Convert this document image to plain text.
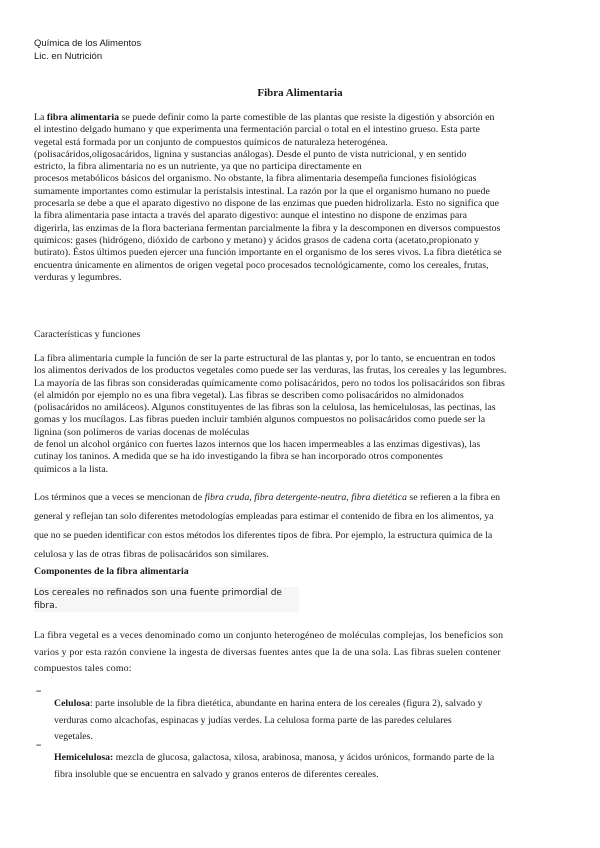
Química de los Alimentos
Lic. en Nutrición
Fibra Alimentaria
La fibra alimentaria se puede definir como la parte comestible de las plantas que resiste la digestión y absorción en
el intestino delgado humano y que experimenta una fermentación parcial o total en el intestino grueso. Esta parte
vegetal está formada por un conjunto de compuestos químicos de naturaleza heterogénea.
(polisacáridos,oligosacáridos, lignina y sustancias análogas). Desde el punto de vista nutricional, y en sentido
estricto, la fibra alimentaria no es un nutriente, ya que no participa directamente en
procesos metabólicos básicos del organismo. No obstante, la fibra alimentaria desempeña funciones fisiológicas
sumamente importantes como estimular la peristalsis intestinal. La razón por la que el organismo humano no puede
procesarla se debe a que el aparato digestivo no dispone de las enzimas que pueden hidrolizarla. Esto no significa que
la fibra alimentaria pase intacta a través del aparato digestivo: aunque el intestino no dispone de enzimas para
digerirla, las enzimas de la flora bacteriana fermentan parcialmente la fibra y la descomponen en diversos compuestos
químicos: gases (hidrógeno, dióxido de carbono y metano) y ácidos grasos de cadena corta (acetato,propionato y
butirato). Éstos últimos pueden ejercer una función importante en el organismo de los seres vivos. La fibra dietética se
encuentra únicamente en alimentos de origen vegetal poco procesados tecnológicamente, como los cereales, frutas,
verduras y legumbres.
Características y funciones
La fibra alimentaria cumple la función de ser la parte estructural de las plantas y, por lo tanto, se encuentran en todos
los alimentos derivados de los productos vegetales como puede ser las verduras, las frutas, los cereales y las legumbres.
La mayoría de las fibras son consideradas químicamente como polisacáridos, pero no todos los polisacáridos son fibras
(el almidón por ejemplo no es una fibra vegetal). Las fibras se describen como polisacáridos no almidonados
(polisacáridos no amiláceos). Algunos constituyentes de las fibras son la celulosa, las hemicelulosas, las pectinas, las
gomas y los mucílagos. Las fibras pueden incluir también algunos compuestos no polisacáridos como puede ser la
lignina (son polímeros de varias docenas de moléculas
de fenol un alcohol orgánico con fuertes lazos internos que los hacen impermeables a las enzimas digestivas), las
cutinay los taninos. A medida que se ha ido investigando la fibra se han incorporado otros componentes
químicos a la lista.
Los términos que a veces se mencionan de fibra cruda, fibra detergente-neutra, fibra dietética se refieren a la fibra en
general y reflejan tan solo diferentes metodologías empleadas para estimar el contenido de fibra en los alimentos, ya
que no se pueden identificar con estos métodos los diferentes tipos de fibra. Por ejemplo, la estructura química de la
celulosa y las de otras fibras de polisacáridos son similares.
Componentes de la fibra alimentaria
Los cereales no refinados son una fuente primordial de
fibra.
La fibra vegetal es a veces denominado como un conjunto heterogéneo de moléculas complejas, los beneficios son
varios y por esta razón conviene la ingesta de diversas fuentes antes que la de una sola. Las fibras suelen contener
compuestos tales como:
‾
Celulosa: parte insoluble de la fibra dietética, abundante en harina entera de los cereales (figura 2), salvado y
verduras como alcachofas, espinacas y judías verdes. La celulosa forma parte de las paredes celulares
vegetales.
‾
Hemicelulosa: mezcla de glucosa, galactosa, xilosa, arabinosa, manosa, y ácidos urónicos, formando parte de la
fibra insoluble que se encuentra en salvado y granos enteros de diferentes cereales.
